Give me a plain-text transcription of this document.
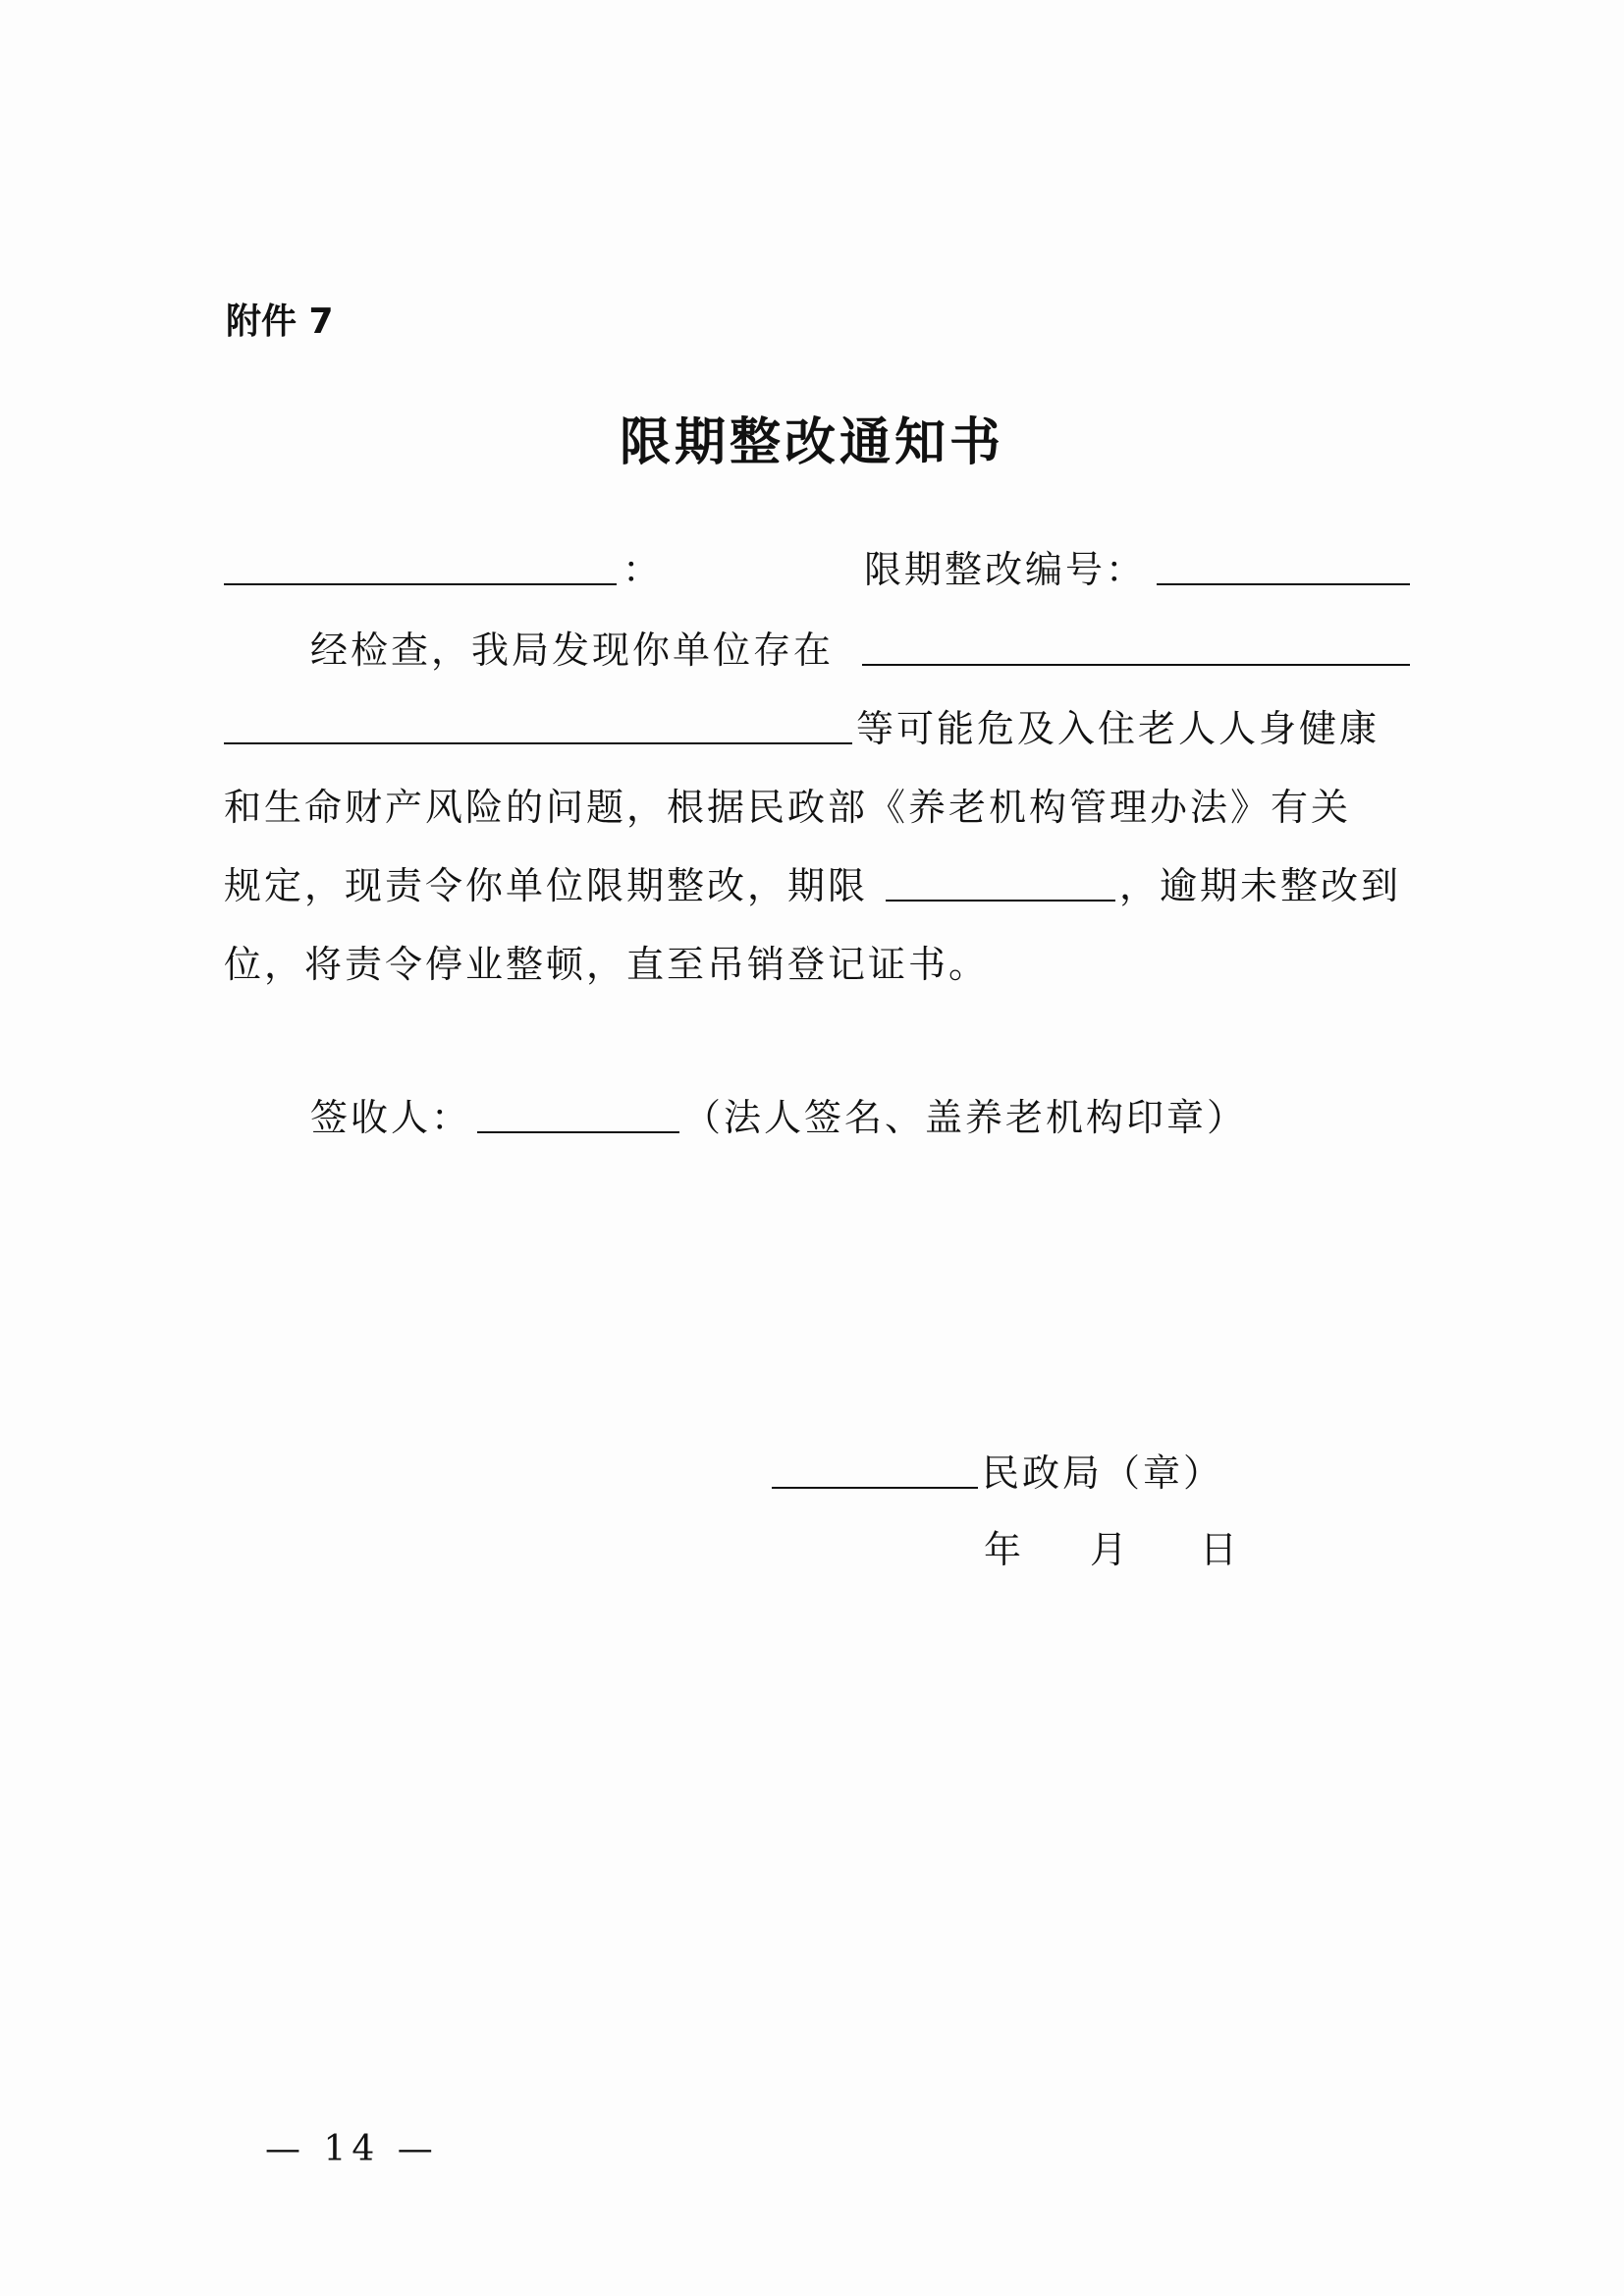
附件 7
限期整改通知书
：	限期整改编号：
经检查，我局发现你单位存在
等可能危及入住老人人身健康
和生命财产风险的问题，根据民政部《养老机构管理办法》有关
规定，现责令你单位限期整改，期限	，逾期未整改到
位，将责令停业整顿，直至吊销登记证书。
签收人：	（法人签名、盖养老机构印章）
民政局（章）
年 月 日
— 14 —
